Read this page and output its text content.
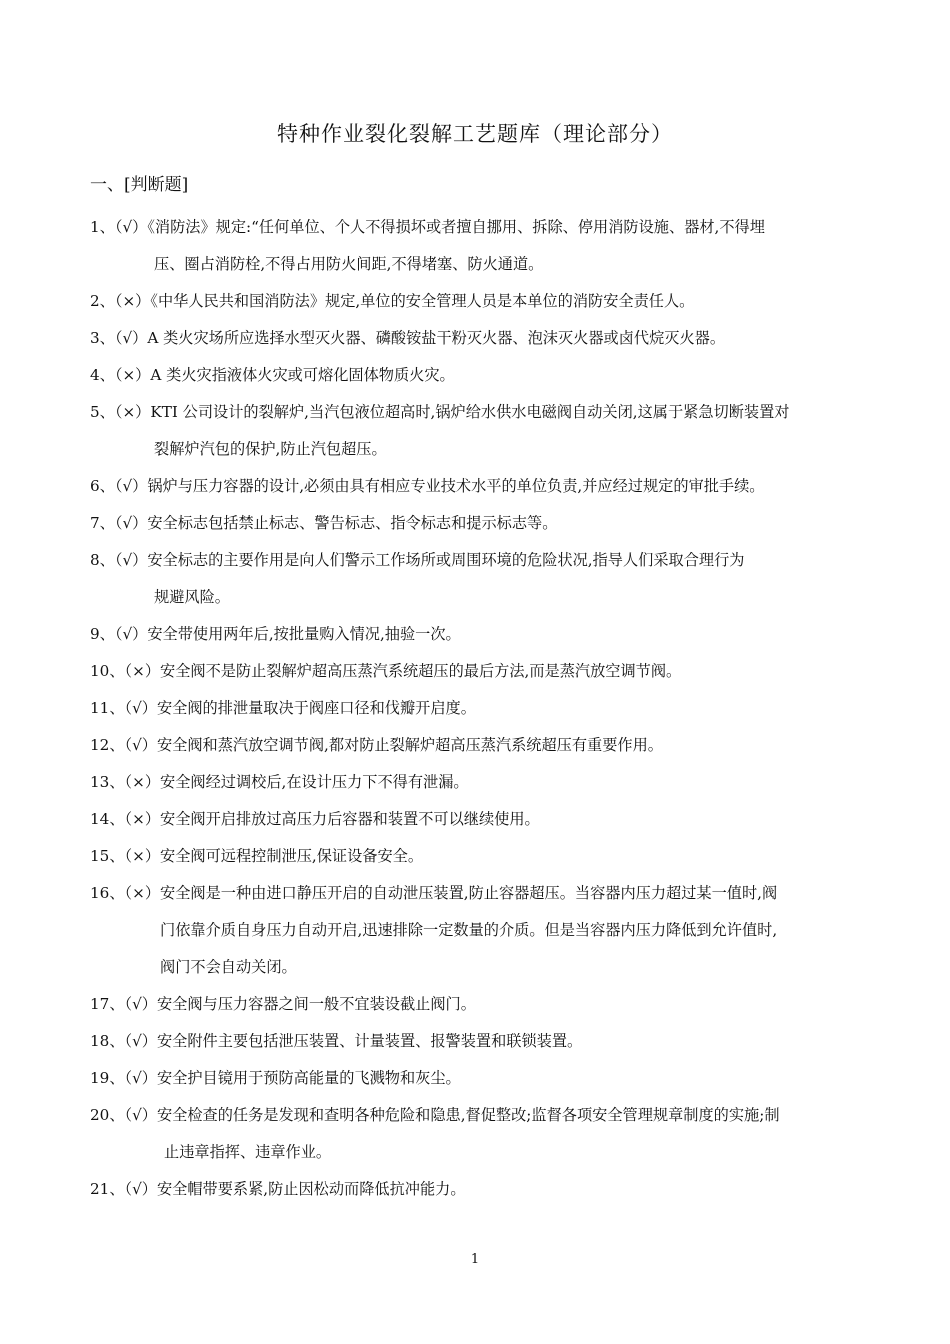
特种作业裂化裂解工艺题库（理论部分）
一、[判断题]
1、（√）《消防法》规定:“任何单位、个人不得损坏或者擅自挪用、拆除、停用消防设施、器材,不得埋
压、圈占消防栓,不得占用防火间距,不得堵塞、防火通道。
2、（×）《中华人民共和国消防法》规定,单位的安全管理人员是本单位的消防安全责任人。
3、（√）A 类火灾场所应选择水型灭火器、磷酸铵盐干粉灭火器、泡沫灭火器或卤代烷灭火器。
4、（×）A 类火灾指液体火灾或可熔化固体物质火灾。
5、（×）KTI 公司设计的裂解炉,当汽包液位超高时,锅炉给水供水电磁阀自动关闭,这属于紧急切断装置对
裂解炉汽包的保护,防止汽包超压。
6、（√）锅炉与压力容器的设计,必须由具有相应专业技术水平的单位负责,并应经过规定的审批手续。
7、（√）安全标志包括禁止标志、警告标志、指令标志和提示标志等。
8、（√）安全标志的主要作用是向人们警示工作场所或周围环境的危险状况,指导人们采取合理行为
规避风险。
9、（√）安全带使用两年后,按批量购入情况,抽验一次。
10、（×）安全阀不是防止裂解炉超高压蒸汽系统超压的最后方法,而是蒸汽放空调节阀。
11、（√）安全阀的排泄量取决于阀座口径和伐瓣开启度。
12、（√）安全阀和蒸汽放空调节阀,都对防止裂解炉超高压蒸汽系统超压有重要作用。
13、（×）安全阀经过调校后,在设计压力下不得有泄漏。
14、（×）安全阀开启排放过高压力后容器和装置不可以继续使用。
15、（×）安全阀可远程控制泄压,保证设备安全。
16、（×）安全阀是一种由进口静压开启的自动泄压装置,防止容器超压。当容器内压力超过某一值时,阀
门依靠介质自身压力自动开启,迅速排除一定数量的介质。但是当容器内压力降低到允许值时,
阀门不会自动关闭。
17、（√）安全阀与压力容器之间一般不宜装设截止阀门。
18、（√）安全附件主要包括泄压装置、计量装置、报警装置和联锁装置。
19、（√）安全护目镜用于预防高能量的飞溅物和灰尘。
20、（√）安全检查的任务是发现和查明各种危险和隐患,督促整改;监督各项安全管理规章制度的实施;制
止违章指挥、违章作业。
21、（√）安全帽带要系紧,防止因松动而降低抗冲能力。
1
